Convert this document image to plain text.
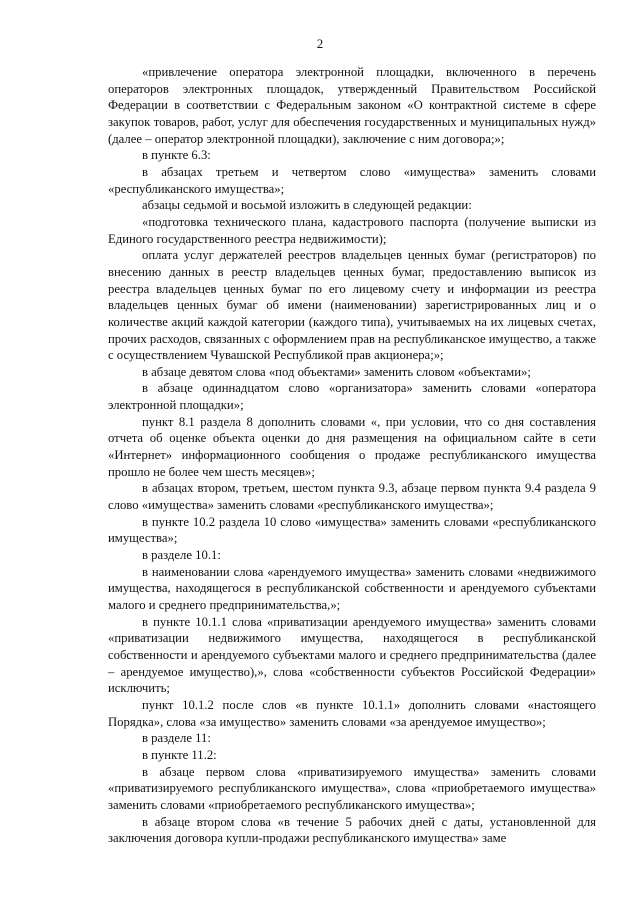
2

«привлечение оператора электронной площадки, включенного в перечень операторов электронных площадок, утвержденный Правительством Российской Федерации в соответствии с Федеральным законом «О контрактной системе в сфере закупок товаров, работ, услуг для обеспечения государственных и муниципальных нужд» (далее – оператор электронной площадки), заключение с ним договора;»;

в пункте 6.3:

в абзацах третьем и четвертом слово «имущества» заменить словами «республиканского имущества»;

абзацы седьмой и восьмой изложить в следующей редакции:

«подготовка технического плана, кадастрового паспорта (получение выписки из Единого государственного реестра недвижимости);

оплата услуг держателей реестров владельцев ценных бумаг (регистраторов) по внесению данных в реестр владельцев ценных бумаг, предоставлению выписок из реестра владельцев ценных бумаг по его лицевому счету и информации из реестра владельцев ценных бумаг об имени (наименовании) зарегистрированных лиц и о количестве акций каждой категории (каждого типа), учитываемых на их лицевых счетах, прочих расходов, связанных с оформлением прав на республиканское имущество, а также с осуществлением Чувашской Республикой прав акционера;»;

в абзаце девятом слова «под объектами» заменить словом «объектами»;

в абзаце одиннадцатом слово «организатора» заменить словами «оператора электронной площадки»;

пункт 8.1 раздела 8 дополнить словами «, при условии, что со дня составления отчета об оценке объекта оценки до дня размещения на официальном сайте в сети «Интернет» информационного сообщения о продаже республиканского имущества прошло не более чем шесть месяцев»;

в абзацах втором, третьем, шестом пункта 9.3, абзаце первом пункта 9.4 раздела 9 слово «имущества» заменить словами «республиканского имущества»;

в пункте 10.2 раздела 10 слово «имущества» заменить словами «республиканского имущества»;

в разделе 10.1:

в наименовании слова «арендуемого имущества» заменить словами «недвижимого имущества, находящегося в республиканской собственности и арендуемого субъектами малого и среднего предпринимательства,»;

в пункте 10.1.1 слова «приватизации арендуемого имущества» заменить словами «приватизации недвижимого имущества, находящегося в республиканской собственности и арендуемого субъектами малого и среднего предпринимательства (далее – арендуемое имущество),», слова «собственности субъектов Российской Федерации» исключить;

пункт 10.1.2 после слов «в пункте 10.1.1» дополнить словами «настоящего Порядка», слова «за имущество» заменить словами «за арендуемое имущество»;

в разделе 11:

в пункте 11.2:

в абзаце первом слова «приватизируемого имущества» заменить словами «приватизируемого республиканского имущества», слова «приобретаемого имущества» заменить словами «приобретаемого республиканского имущества»;

в абзаце втором слова «в течение 5 рабочих дней с даты, установленной для заключения договора купли-продажи республиканского имущества» заме
